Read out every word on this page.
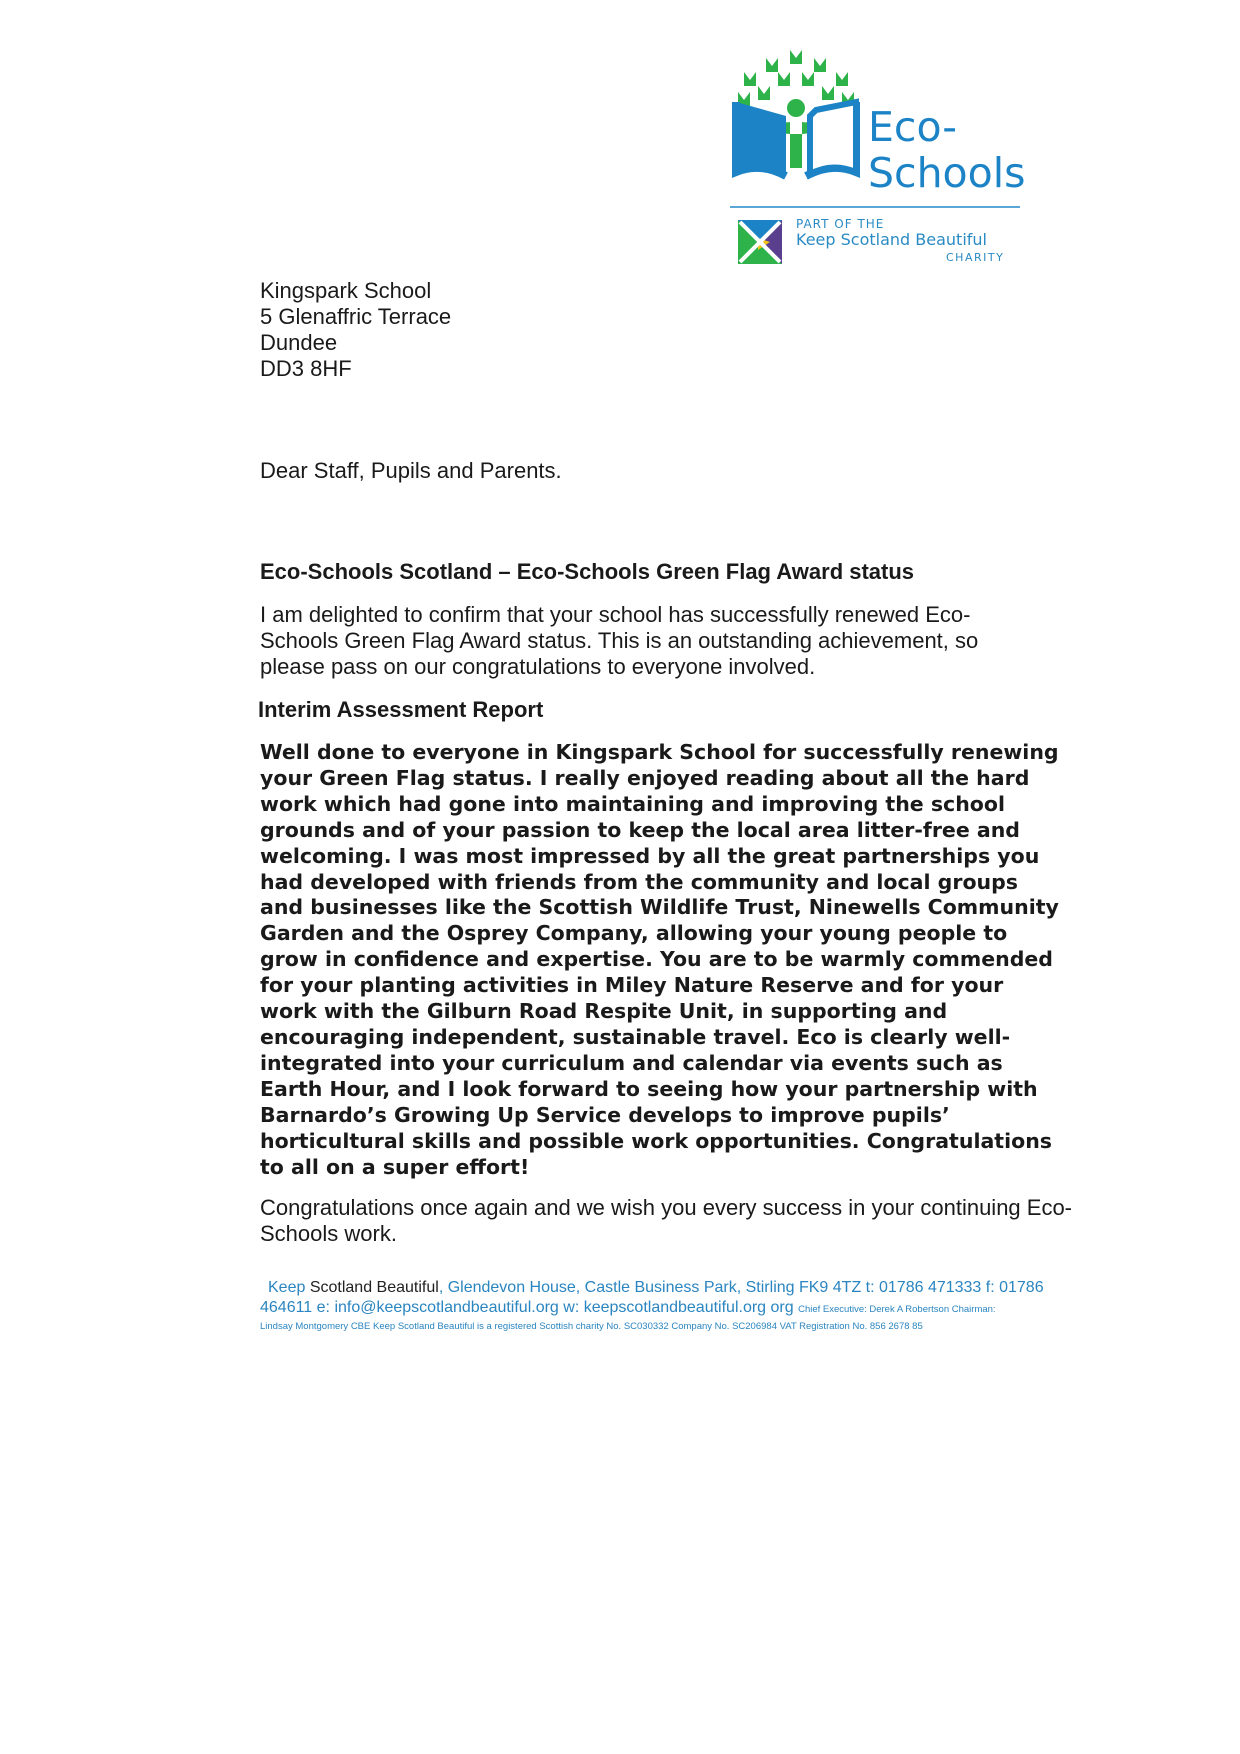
Eco-
Schools
PART OF THE
Keep Scotland Beautiful
CHARITY
Kingspark School
5 Glenaffric Terrace
Dundee
DD3 8HF
Dear Staff, Pupils and Parents.
Eco-Schools Scotland – Eco-Schools Green Flag Award status
I am delighted to confirm that your school has successfully renewed Eco-Schools Green Flag Award status. This is an outstanding achievement, so please pass on our congratulations to everyone involved.
Interim Assessment Report
Well done to everyone in Kingspark School for successfully renewing your Green Flag status. I really enjoyed reading about all the hard work which had gone into maintaining and improving the school grounds and of your passion to keep the local area litter-free and welcoming. I was most impressed by all the great partnerships you had developed with friends from the community and local groups and businesses like the Scottish Wildlife Trust, Ninewells Community Garden and the Osprey Company, allowing your young people to grow in confidence and expertise. You are to be warmly commended for your planting activities in Miley Nature Reserve and for your work with the Gilburn Road Respite Unit, in supporting and encouraging independent, sustainable travel. Eco is clearly well-integrated into your curriculum and calendar via events such as Earth Hour, and I look forward to seeing how your partnership with Barnardo’s Growing Up Service develops to improve pupils’ horticultural skills and possible work opportunities. Congratulations to all on a super effort!
Congratulations once again and we wish you every success in your continuing Eco-Schools work.
Keep Scotland Beautiful, Glendevon House, Castle Business Park, Stirling FK9 4TZ t: 01786 471333 f: 01786
464611 e: info@keepscotlandbeautiful.org w: keepscotlandbeautiful.org org Chief Executive: Derek A Robertson Chairman:
Lindsay Montgomery CBE Keep Scotland Beautiful is a registered Scottish charity No. SC030332 Company No. SC206984 VAT Registration No. 856 2678 85
